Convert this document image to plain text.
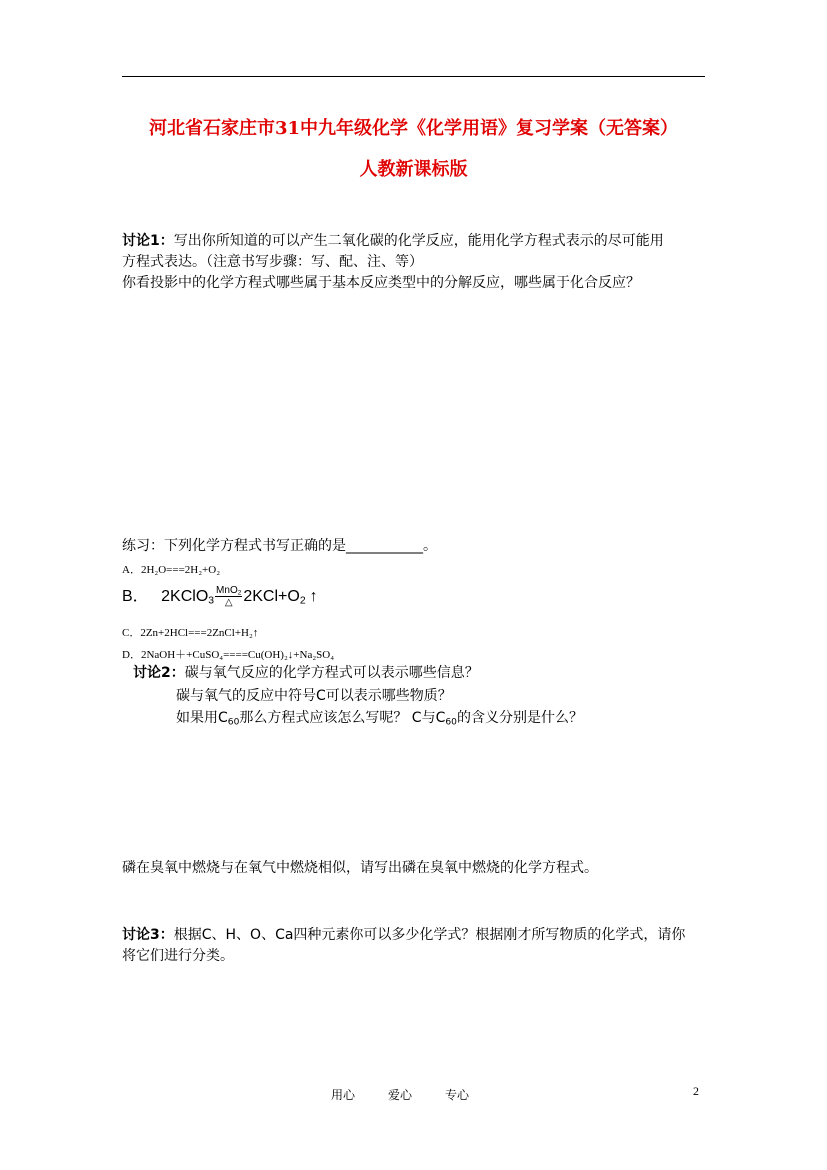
河北省石家庄市31中九年级化学《化学用语》复习学案（无答案）
人教新课标版
讨论1：写出你所知道的可以产生二氧化碳的化学反应，能用化学方程式表示的尽可能用
方程式表达。（注意书写步骤：写、配、注、等）
你看投影中的化学方程式哪些属于基本反应类型中的分解反应，哪些属于化合反应？
练习：下列化学方程式书写正确的是___________。
A．2H₂O===2H₂+O₂
B． 2KClO$_3$ $\frac{MnO_2}{\triangle} 2KCl+O_2$ ↑
C．2Zn+2HCl===2ZnCl+H₂↑
D．2NaOH＋+CuSO₄====Cu(OH)₂↓+Na₂SO₄
讨论2：碳与氧气反应的化学方程式可以表示哪些信息？
碳与氧气的反应中符号C可以表示哪些物质？
如果用$C_{60}$那么方程式应该怎么写呢？ C与$C_{60}$的含义分别是什么？
磷在臭氧中燃烧与在氧气中燃烧相似，请写出磷在臭氧中燃烧的化学方程式。
讨论3：根据C、H、O、Ca四种元素你可以多少化学式？根据刚才所写物质的化学式，请你
将它们进行分类。
用心	爱心	专心	2
